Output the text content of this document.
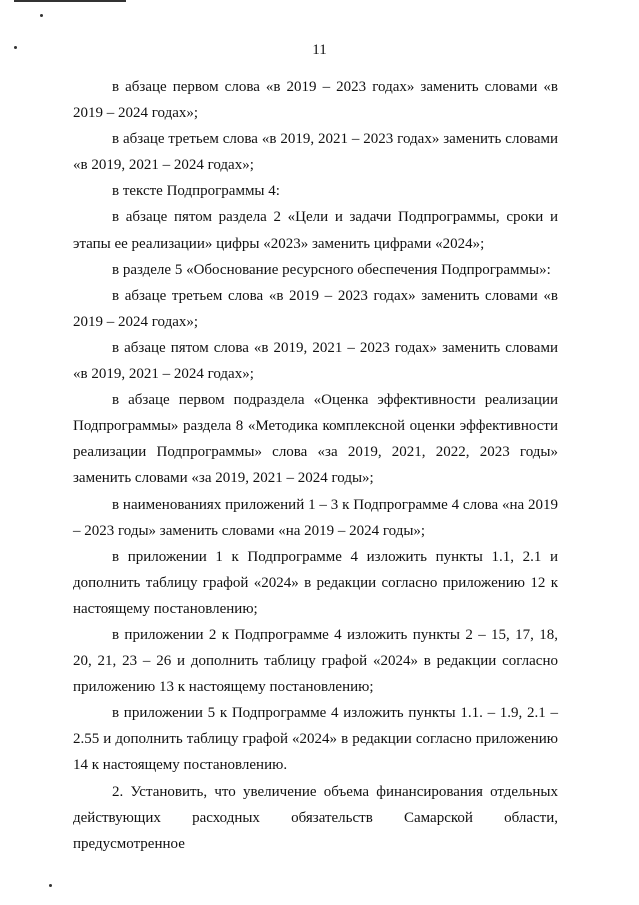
11

в абзаце первом слова «в 2019 – 2023 годах» заменить словами «в 2019 – 2024 годах»;

в абзаце третьем слова «в 2019, 2021 – 2023 годах» заменить словами «в 2019, 2021 – 2024 годах»;

в тексте Подпрограммы 4:

в абзаце пятом раздела 2 «Цели и задачи Подпрограммы, сроки и этапы ее реализации» цифры «2023» заменить цифрами «2024»;

в разделе 5 «Обоснование ресурсного обеспечения Подпрограммы»:

в абзаце третьем слова «в 2019 – 2023 годах» заменить словами «в 2019 – 2024 годах»;

в абзаце пятом слова «в 2019, 2021 – 2023 годах» заменить словами «в 2019, 2021 – 2024 годах»;

в абзаце первом подраздела «Оценка эффективности реализации Подпрограммы» раздела 8 «Методика комплексной оценки эффективности реализации Подпрограммы» слова «за 2019, 2021, 2022, 2023 годы» заменить словами «за 2019, 2021 – 2024 годы»;

в наименованиях приложений 1 – 3 к Подпрограмме 4 слова «на 2019 – 2023 годы» заменить словами «на 2019 – 2024 годы»;

в приложении 1 к Подпрограмме 4 изложить пункты 1.1, 2.1 и дополнить таблицу графой «2024» в редакции согласно приложению 12 к настоящему постановлению;

в приложении 2 к Подпрограмме 4 изложить пункты 2 – 15, 17, 18, 20, 21, 23 – 26 и дополнить таблицу графой «2024» в редакции согласно приложению 13 к настоящему постановлению;

в приложении 5 к Подпрограмме 4 изложить пункты 1.1. – 1.9, 2.1 – 2.55 и дополнить таблицу графой «2024» в редакции согласно приложению 14 к настоящему постановлению.

2. Установить, что увеличение объема финансирования отдельных действующих расходных обязательств Самарской области, предусмотренное
